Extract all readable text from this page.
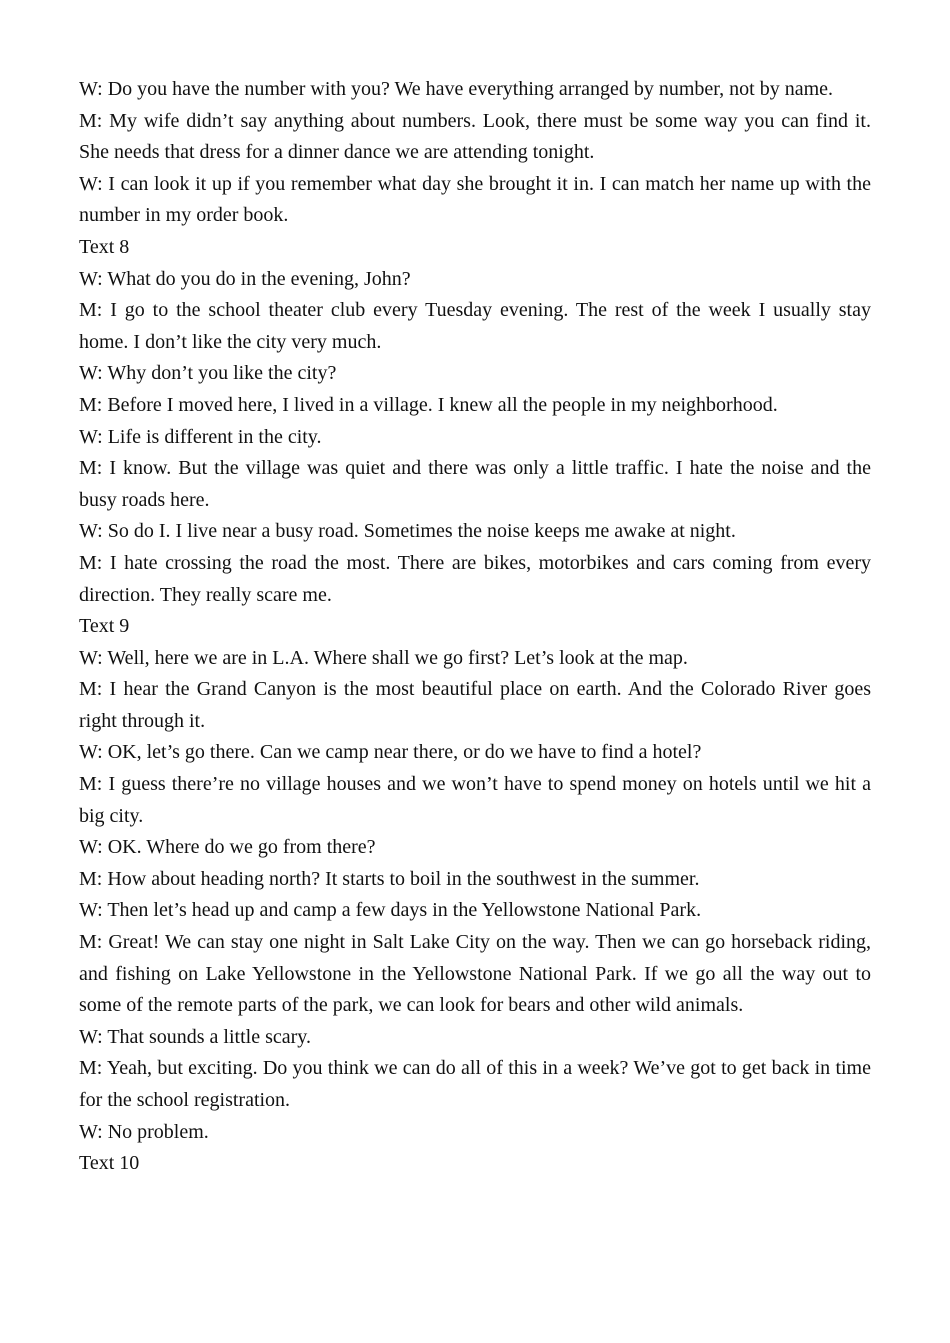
W: Do you have the number with you? We have everything arranged by number, not by name.

M: My wife didn’t say anything about numbers. Look, there must be some way you can find it. She needs that dress for a dinner dance we are attending tonight.

W: I can look it up if you remember what day she brought it in. I can match her name up with the number in my order book.

Text 8

W: What do you do in the evening, John?

M: I go to the school theater club every Tuesday evening. The rest of the week I usually stay home. I don’t like the city very much.

W: Why don’t you like the city?

M: Before I moved here, I lived in a village. I knew all the people in my neighborhood.

W: Life is different in the city.

M: I know. But the village was quiet and there was only a little traffic. I hate the noise and the busy roads here.

W: So do I. I live near a busy road. Sometimes the noise keeps me awake at night.

M: I hate crossing the road the most. There are bikes, motorbikes and cars coming from every direction. They really scare me.

Text 9

W: Well, here we are in L.A. Where shall we go first? Let’s look at the map.

M: I hear the Grand Canyon is the most beautiful place on earth. And the Colorado River goes right through it.

W: OK, let’s go there. Can we camp near there, or do we have to find a hotel?

M: I guess there’re no village houses and we won’t have to spend money on hotels until we hit a big city.

W: OK. Where do we go from there?

M: How about heading north? It starts to boil in the southwest in the summer.

W: Then let’s head up and camp a few days in the Yellowstone National Park.

M: Great! We can stay one night in Salt Lake City on the way. Then we can go horseback riding, and fishing on Lake Yellowstone in the Yellowstone National Park. If we go all the way out to some of the remote parts of the park, we can look for bears and other wild animals.

W: That sounds a little scary.

M: Yeah, but exciting. Do you think we can do all of this in a week? We’ve got to get back in time for the school registration.

W: No problem.

Text 10
